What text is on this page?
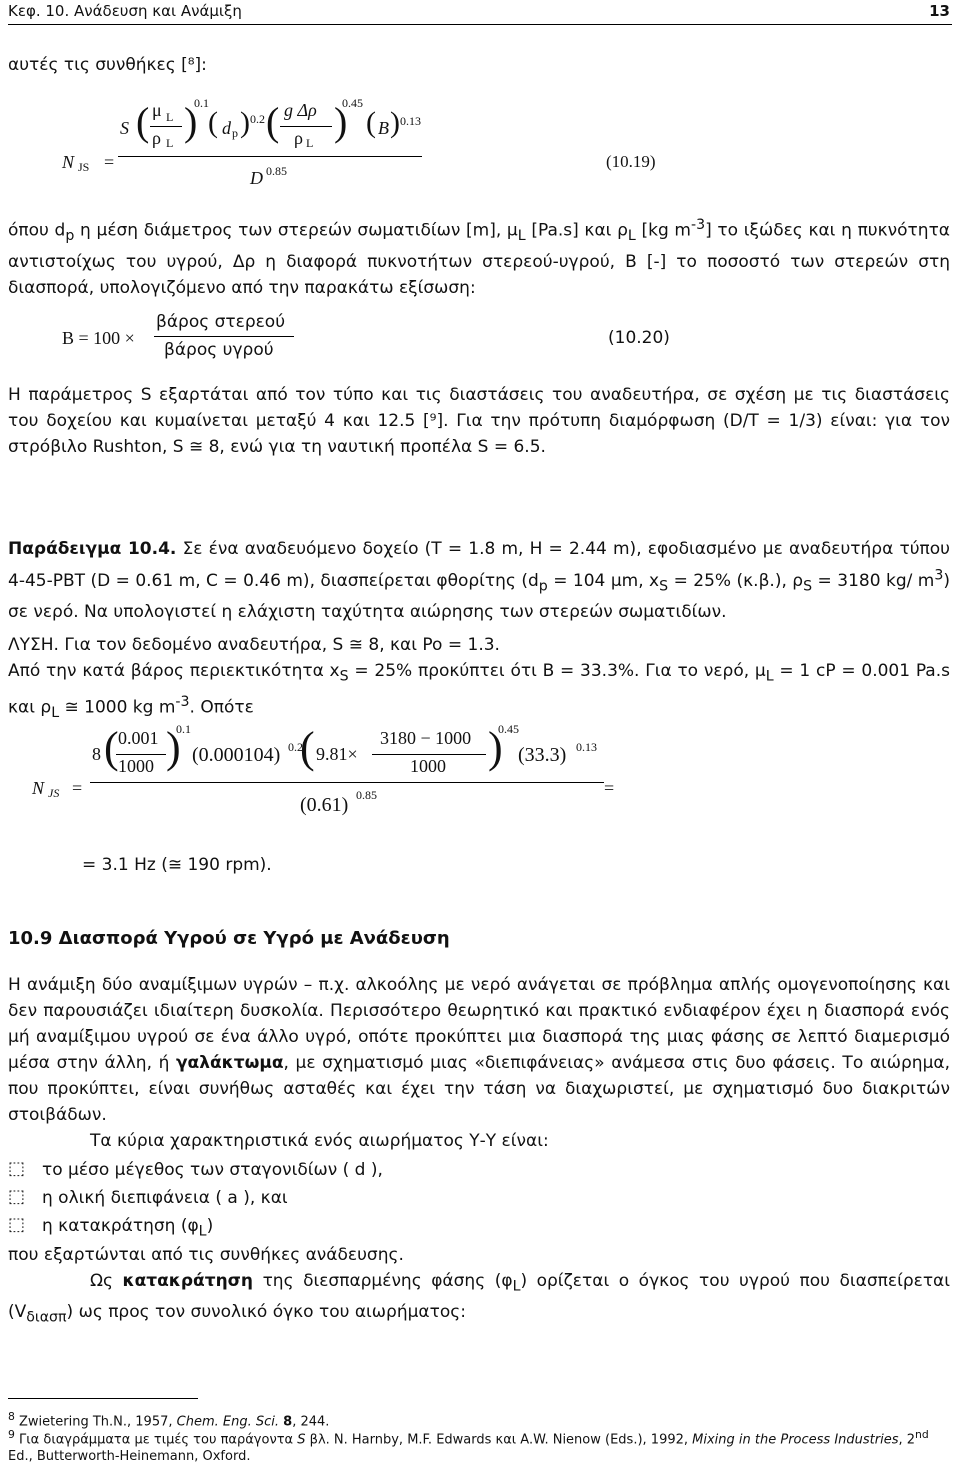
Κεφ. 10. Ανάδευση και Ανάμιξη	13
αυτές τις συνθήκες [⁸]:
N JS =
S ( μ L
ρ L )
0.1
( d p ) 0.2 ( g Δρ
ρ L )
0.45
( B ) 0.13
D 0.85	(10.19)
όπου $d_p$ η μέση διάμετρος των στερεών σωματιδίων [m], $\mu_L$ [Pa.s] και $\rho_L$ [kg $m^{-3}$] το ιξώδες και η πυκνότητα αντιστοίχως του υγρού, Δρ η διαφορά πυκνοτήτων στερεού-υγρού, B [-] το ποσοστό των στερεών στη διασπορά, υπολογιζόμενο από την παρακάτω εξίσωση:
B = 100 ×
βάρος στερεού
βάρος υγρού
(10.20)
Η παράμετρος S εξαρτάται από τον τύπο και τις διαστάσεις του αναδευτήρα, σε σχέση με τις διαστάσεις του δοχείου και κυμαίνεται μεταξύ 4 και 12.5 [⁹]. Για την πρότυπη διαμόρφωση (D/T = 1/3) είναι: για τον στρόβιλο Rushton, S ≅ 8, ενώ για τη ναυτική προπέλα S = 6.5.
Παράδειγμα 10.4. Σε ένα αναδευόμενο δοχείο (T = 1.8 m, H = 2.44 m), εφοδιασμένο με αναδευτήρα τύπου 4-45-PBT (D = 0.61 m, C = 0.46 m), διασπείρεται φθορίτης ($d_p = 104$ μm, $x_S = 25\%$ (κ.β.), $\rho_S = 3180$ kg/ $m^3$) σε νερό. Να υπολογιστεί η ελάχιστη ταχύτητα αιώρησης των στερεών σωματιδίων.
ΛΥΣΗ. Για τον δεδομένο αναδευτήρα, S ≅ 8, και Po = 1.3.
Από την κατά βάρος περιεκτικότητα $x_S = 25\%$ προκύπτει ότι B = 33.3%. Για το νερό, $\mu_L = 1$ cP = 0.001 Pa.s και $\rho_L$ ≅ 1000 kg $m^{-3}$. Οπότε
N JS =
8 ( 0.001
1000 )
0.1
(0.000104) 0.2
( 9.81×
3180 − 1000
1000 )
0.45
(33.3) 0.13
(0.61) 0.85	=
= 3.1 Hz (≅ 190 rpm).
10.9 Διασπορά Υγρού σε Υγρό με Ανάδευση
Η ανάμιξη δύο αναμίξιμων υγρών – π.χ. αλκοόλης με νερό ανάγεται σε πρόβλημα απλής ομογενοποίησης και δεν παρουσιάζει ιδιαίτερη δυσκολία. Περισσότερο θεωρητικό και πρακτικό ενδιαφέρον έχει η διασπορά ενός μή αναμίξιμου υγρού σε ένα άλλο υγρό, οπότε προκύπτει μια διασπορά της μιας φάσης σε λεπτό διαμερισμό μέσα στην άλλη, ή γαλάκτωμα, με σχηματισμό μιας «διεπιφάνειας» ανάμεσα στις δυο φάσεις. Το αιώρημα, που προκύπτει, είναι συνήθως ασταθές και έχει την τάση να διαχωριστεί, με σχηματισμό δυο διακριτών στοιβάδων.
Τα κύρια χαρακτηριστικά ενός αιωρήματος Υ-Υ είναι:
⬚ το μέσο μέγεθος των σταγονιδίων ( d ),
⬚ η ολική διεπιφάνεια ( a ), και
⬚ η κατακράτηση $(\varphi_L)$
που εξαρτώνται από τις συνθήκες ανάδευσης.
Ως κατακράτηση της διεσπαρμένης φάσης $(\varphi_L)$ ορίζεται ο όγκος του υγρού που διασπείρεται $(V_{\delta\iota\alpha\sigma\pi})$ ως προς τον συνολικό όγκο του αιωρήματος:
$^8$ Zwietering Th.N., 1957, Chem. Eng. Sci. 8, 244.
$^9$ Για διαγράμματα με τιμές του παράγοντα S βλ. N. Harnby, M.F. Edwards και A.W. Nienow (Eds.), 1992, Mixing in the Process Industries, 2nd Ed., Butterworth-Heinemann, Oxford.
